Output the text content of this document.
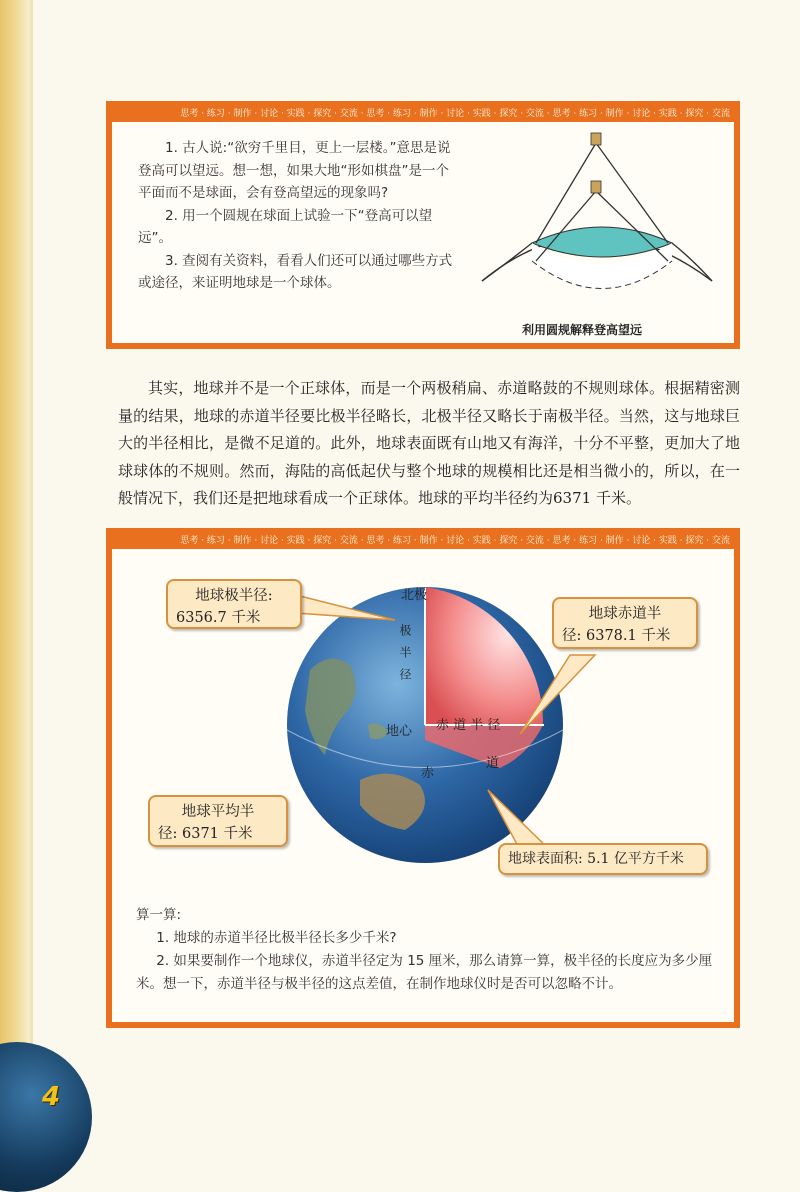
思考 · 练习 · 制作 · 讨论 · 实践 · 探究 · 交流 · 思考 · 练习 · 制作 · 讨论 · 实践 · 探究 · 交流 · 思考 · 练习 · 制作 · 讨论 · 实践 · 探究 · 交流

1. 古人说:“欲穷千里目，更上一层楼。”意思是说登高可以望远。想一想，如果大地“形如棋盘”是一个平面而不是球面，会有登高望远的现象吗?

2. 用一个圆规在球面上试验一下“登高可以望远”。

3. 查阅有关资料，看看人们还可以通过哪些方式或途径，来证明地球是一个球体。

利用圆规解释登高望远
其实，地球并不是一个正球体，而是一个两极稍扁、赤道略鼓的不规则球体。根据精密测量的结果，地球的赤道半径要比极半径略长，北极半径又略长于南极半径。当然，这与地球巨大的半径相比，是微不足道的。此外，地球表面既有山地又有海洋，十分不平整，更加大了地球球体的不规则。然而，海陆的高低起伏与整个地球的规模相比还是相当微小的，所以，在一般情况下，我们还是把地球看成一个正球体。地球的平均半径约为6371 千米。
思考 · 练习 · 制作 · 讨论 · 实践 · 探究 · 交流 · 思考 · 练习 · 制作 · 讨论 · 实践 · 探究 · 交流 · 思考 · 练习 · 制作 · 讨论 · 实践 · 探究 · 交流
北极
极半径
地心 赤 道 半 径
赤
道
地球极半径:
6356.7 千米	地球赤道半
径: 6378.1 千米
地球平均半
径: 6371 千米
地球表面积: 5.1 亿平方千米

算一算:

1. 地球的赤道半径比极半径长多少千米?

2. 如果要制作一个地球仪，赤道半径定为 15 厘米，那么请算一算，极半径的长度应为多少厘米。想一下，赤道半径与极半径的这点差值，在制作地球仪时是否可以忽略不计。

4
